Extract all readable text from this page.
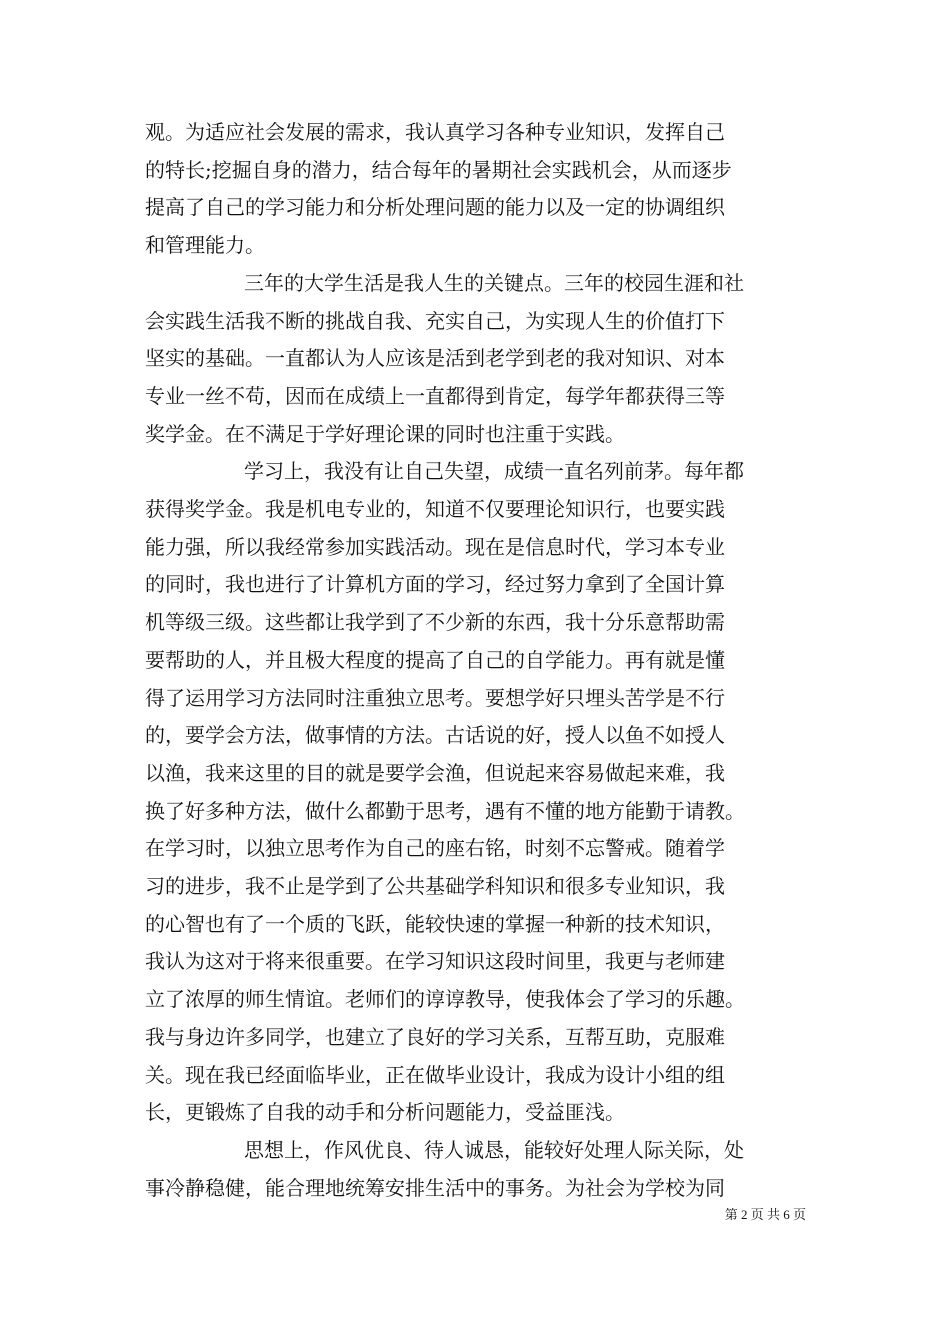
观。为适应社会发展的需求，我认真学习各种专业知识，发挥自己
的特长;挖掘自身的潜力，结合每年的暑期社会实践机会，从而逐步
提高了自己的学习能力和分析处理问题的能力以及一定的协调组织
和管理能力。
三年的大学生活是我人生的关键点。三年的校园生涯和社
会实践生活我不断的挑战自我、充实自己，为实现人生的价值打下
坚实的基础。一直都认为人应该是活到老学到老的我对知识、对本
专业一丝不苟，因而在成绩上一直都得到肯定，每学年都获得三等
奖学金。在不满足于学好理论课的同时也注重于实践。
学习上，我没有让自己失望，成绩一直名列前茅。每年都
获得奖学金。我是机电专业的，知道不仅要理论知识行，也要实践
能力强，所以我经常参加实践活动。现在是信息时代，学习本专业
的同时，我也进行了计算机方面的学习，经过努力拿到了全国计算
机等级三级。这些都让我学到了不少新的东西，我十分乐意帮助需
要帮助的人，并且极大程度的提高了自己的自学能力。再有就是懂
得了运用学习方法同时注重独立思考。要想学好只埋头苦学是不行
的，要学会方法，做事情的方法。古话说的好，授人以鱼不如授人
以渔，我来这里的目的就是要学会渔，但说起来容易做起来难，我
换了好多种方法，做什么都勤于思考，遇有不懂的地方能勤于请教。
在学习时，以独立思考作为自己的座右铭，时刻不忘警戒。随着学
习的进步，我不止是学到了公共基础学科知识和很多专业知识，我
的心智也有了一个质的飞跃，能较快速的掌握一种新的技术知识，
我认为这对于将来很重要。在学习知识这段时间里，我更与老师建
立了浓厚的师生情谊。老师们的谆谆教导，使我体会了学习的乐趣。
我与身边许多同学，也建立了良好的学习关系，互帮互助，克服难
关。现在我已经面临毕业，正在做毕业设计，我成为设计小组的组
长，更锻炼了自我的动手和分析问题能力，受益匪浅。
思想上，作风优良、待人诚恳，能较好处理人际关际，处
事冷静稳健，能合理地统筹安排生活中的事务。为社会为学校为同
第 2 页 共 6 页
